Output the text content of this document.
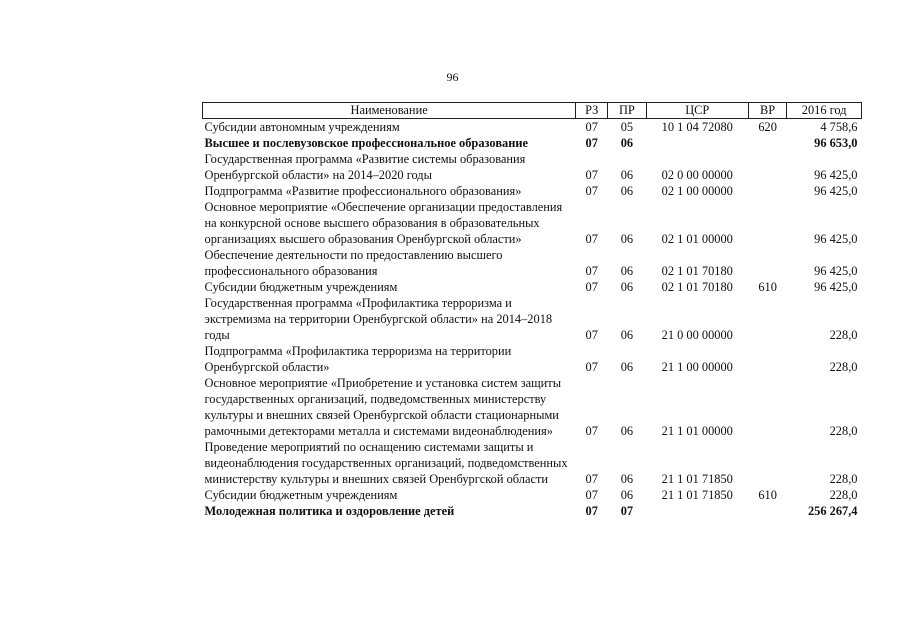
96
Наименование	РЗ	ПР	ЦСР	ВР	2016 год
Субсидии автономным учреждениям	07	05	10 1 04 72080	620	4 758,6
Высшее и послевузовское профессиональное образование	07	06			96 653,0
Государственная программа «Развитие системы образования Оренбургской области» на 2014–2020 годы	07	06	02 0 00 00000		96 425,0
Подпрограмма «Развитие профессионального образования»	07	06	02 1 00 00000		96 425,0
Основное мероприятие «Обеспечение организации предоставления на конкурсной основе высшего образования в образовательных организациях высшего образования Оренбургской области»	07	06	02 1 01 00000		96 425,0
Обеспечение деятельности по предоставлению высшего профессионального образования	07	06	02 1 01 70180		96 425,0
Субсидии бюджетным учреждениям	07	06	02 1 01 70180	610	96 425,0
Государственная программа «Профилактика терроризма и экстремизма на территории Оренбургской области» на 2014–2018 годы	07	06	21 0 00 00000		228,0
Подпрограмма «Профилактика терроризма на территории Оренбургской области»	07	06	21 1 00 00000		228,0
Основное мероприятие «Приобретение и установка систем защиты государственных организаций, подведомственных министерству культуры и внешних связей Оренбургской области стационарными рамочными детекторами металла и системами видеонаблюдения»	07	06	21 1 01 00000		228,0
Проведение мероприятий по оснащению системами защиты и видеонаблюдения государственных организаций, подведомственных министерству культуры и внешних связей Оренбургской области	07	06	21 1 01 71850		228,0
Субсидии бюджетным учреждениям	07	06	21 1 01 71850	610	228,0
Молодежная политика и оздоровление детей	07	07			256 267,4
